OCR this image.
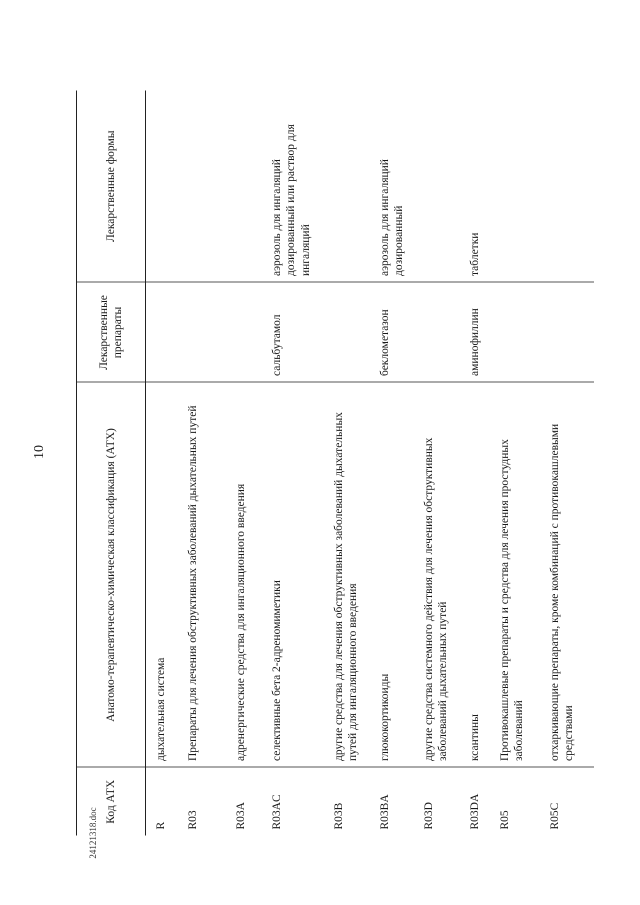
10
Код АТХ	Анатомо-терапевтическо-химическая классификация (АТХ)	Лекарственные препараты	Лекарственные формы
R	дыхательная система		
R03	Препараты для лечения обструктивных заболеваний дыхательных путей		
R03A	адренергические средства для ингаляционного введения		
R03AC	селективные бета 2-адреномиметики	сальбутамол	аэрозоль для ингаляций дозированный или раствор для ингаляций
R03B	другие средства для лечения обструктивных заболеваний дыхательных путей для ингаляционного введения		
R03BA	глюкокортикоиды	беклометазон	аэрозоль для ингаляций дозированный
R03D	другие средства системного действия для лечения обструктивных заболеваний дыхательных путей		
R03DA	ксантины	аминофиллин	таблетки
R05	Противокашлевые препараты и средства для лечения простудных заболеваний		
R05C	отхаркивающие препараты, кроме комбинаций с противокашлевыми средствами		
24121318.doc
